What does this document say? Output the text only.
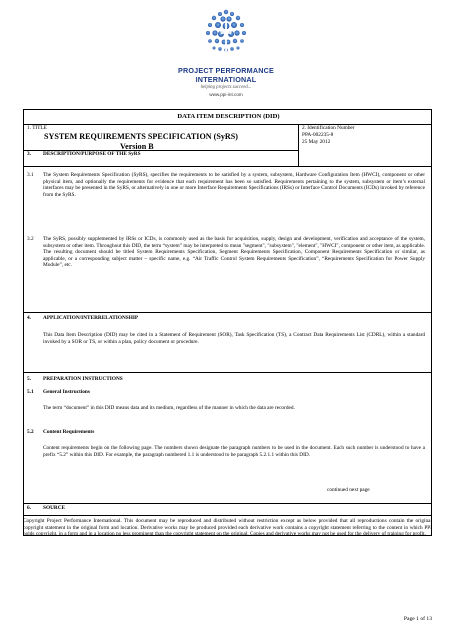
PROJECT PERFORMANCE
INTERNATIONAL
helping projects succeed...
www.ppi-int.com
DATA ITEM DESCRIPTION (DID)
1. TITLE
SYSTEM REQUIREMENTS SPECIFICATION (SyRS)
Version B
2. Identification Number
PPA-002235-8
25 May 2012
3. DESCRIPTION/PURPOSE OF THE SyRS
3.1 The System Requirements Specification (SyRS), specifies the requirements to be satisfied by a system, subsystem, Hardware Configuration Item (HWCI), component or other physical item, and optionally the requirements for evidence that each requirement has been so satisfied. Requirements pertaining to the system, subsystem or item’s external interfaces may be presented in the SyRS, or alternatively in one or more Interface Requirements Specifications (IRSs) or Interface Control Documents (ICDs) invoked by reference from the SyRS.
3.2 The SyRS, possibly supplemented by IRSs or ICDs, is commonly used as the basis for acquisition, supply, design and development, verification and acceptance of the system, subsystem or other item. Throughout this DID, the term “system” may be interpreted to mean "segment", "subsystem", "element", "HWCI", component or other item, as applicable. The resulting document should be titled System Requirements Specification, Segment Requirements Specification, Component Requirements Specification or similar, as applicable, or a corresponding subject matter – specific name, e.g. “Air Traffic Control System Requirements Specification”, “Requirements Specification for Power Supply Module”, etc.
4. APPLICATION/INTERRELATIONSHIP
This Data Item Description (DID) may be cited in a Statement of Requirement (SOR), Task Specification (TS), a Contract Data Requirements List (CDRL), within a standard invoked by a SOR or TS, or within a plan, policy document or procedure.
5. PREPARATION INSTRUCTIONS
5.1 General Instructions
The term “document” in this DID means data and its medium, regardless of the manner in which the data are recorded.
5.2 Content Requirements
Content requirements begin on the following page. The numbers shown designate the paragraph numbers to be used in the document. Each such number is understood to have a prefix “5.2” within this DID. For example, the paragraph numbered 1.1 is understood to be paragraph 5.2.1.1 within this DID.
continued next page
6. SOURCE
Copyright Project Performance International. This document may be reproduced and distributed without restriction except as below provided that all reproductions contain the original copyright statement in the original form and location. Derivative works may be produced provided each derivative work contains a copyright statement referring to the content in which PPI holds copyright, in a form and in a location no less prominent than the copyright statement on the original. Copies and derivative works may not be used for the delivery of training for profit.
Page 1 of 13
